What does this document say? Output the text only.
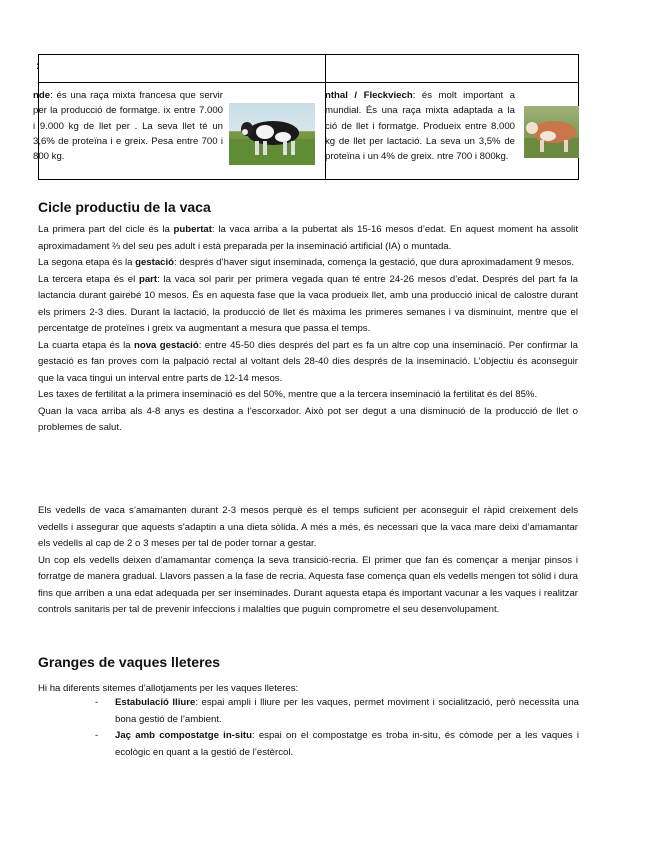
:
nde: és una raça mixta francesa que servir per la producció de formatge. ix entre 7.000 i 9.000 kg de llet per . La seva llet té un 3,6% de proteïna i e greix. Pesa entre 700 i 800 kg.
nthal / Fleckviech: és molt important a mundial. És una raça mixta adaptada a la ció de llet i formatge. Produeix entre 8.000 kg de llet per lactació. La seva un 3,5% de proteïna i un 4% de greix. ntre 700 i 800kg.
Cicle productiu de la vaca
La primera part del cicle és la pubertat: la vaca arriba a la pubertat als 15-16 mesos d’edat. En aquest moment ha assolit aproximadament ⅔ del seu pes adult i està preparada per la inseminació artificial (IA) o muntada.
La segona etapa és la gestació: després d’haver sigut inseminada, comença la gestació, que dura aproximadament 9 mesos.
La tercera etapa és el part: la vaca sol parir per primera vegada quan té entre 24-26 mesos d’edat. Després del part fa la lactancia durant gairebé 10 mesos. És en aquesta fase que la vaca produeix llet, amb una producció inical de calostre durant els primers 2-3 dies. Durant la lactació, la producció de llet és màxima les primeres semanes i va disminuint, mentre que el percentatge de proteïnes i greix va augmentant a mesura que passa el temps.
La cuarta etapa és la nova gestació: entre 45-50 dies després del part es fa un altre cop una inseminació. Per confirmar la gestació es fan proves com la palpació rectal al voltant dels 28-40 dies després de la inseminació. L’objectiu és aconseguir que la vaca tingui un interval entre parts de 12-14 mesos.
Les taxes de fertilitat a la primera inseminació es del 50%, mentre que a la tercera inseminació la fertilitat és del 85%.
Quan la vaca arriba als 4-8 anys es destina a l’escorxador. Això pot ser degut a una disminució de la producció de llet o problemes de salut.
Els vedells de vaca s’amamanten durant 2-3 mesos perquè és el temps suficient per aconseguir el ràpid creixement dels vedells i assegurar que aquests s’adaptin a una dieta sòlida. A més a més, és necessari que la vaca mare deixi d’amamantar els vedells al cap de 2 o 3 meses per tal de poder tornar a gestar.
Un cop els vedells deixen d’amamantar comença la seva transició-recria. El primer que fan és començar a menjar pinsos i forratge de manera gradual. Llavors passen a la fase de recria. Aquesta fase comença quan els vedells mengen tot sòlid i dura fins que arriben a una edat adequada per ser inseminades. Durant aquesta etapa és important vacunar a les vaques i realitzar controls sanitaris per tal de prevenir infeccions i malalties que puguin comprometre el seu desenvolupament.
Granges de vaques lleteres
Hi ha diferents sitemes d’allotjaments per les vaques lleteres:
- Estabulació lliure: espai ampli i lliure per les vaques, permet moviment i socialització, però necessita una bona gestió de l’ambient.
- Jaç amb compostatge in-situ: espai on el compostatge es troba in-situ, és còmode per a les vaques i ecològic en quant a la gestió de l’estèrcol.
